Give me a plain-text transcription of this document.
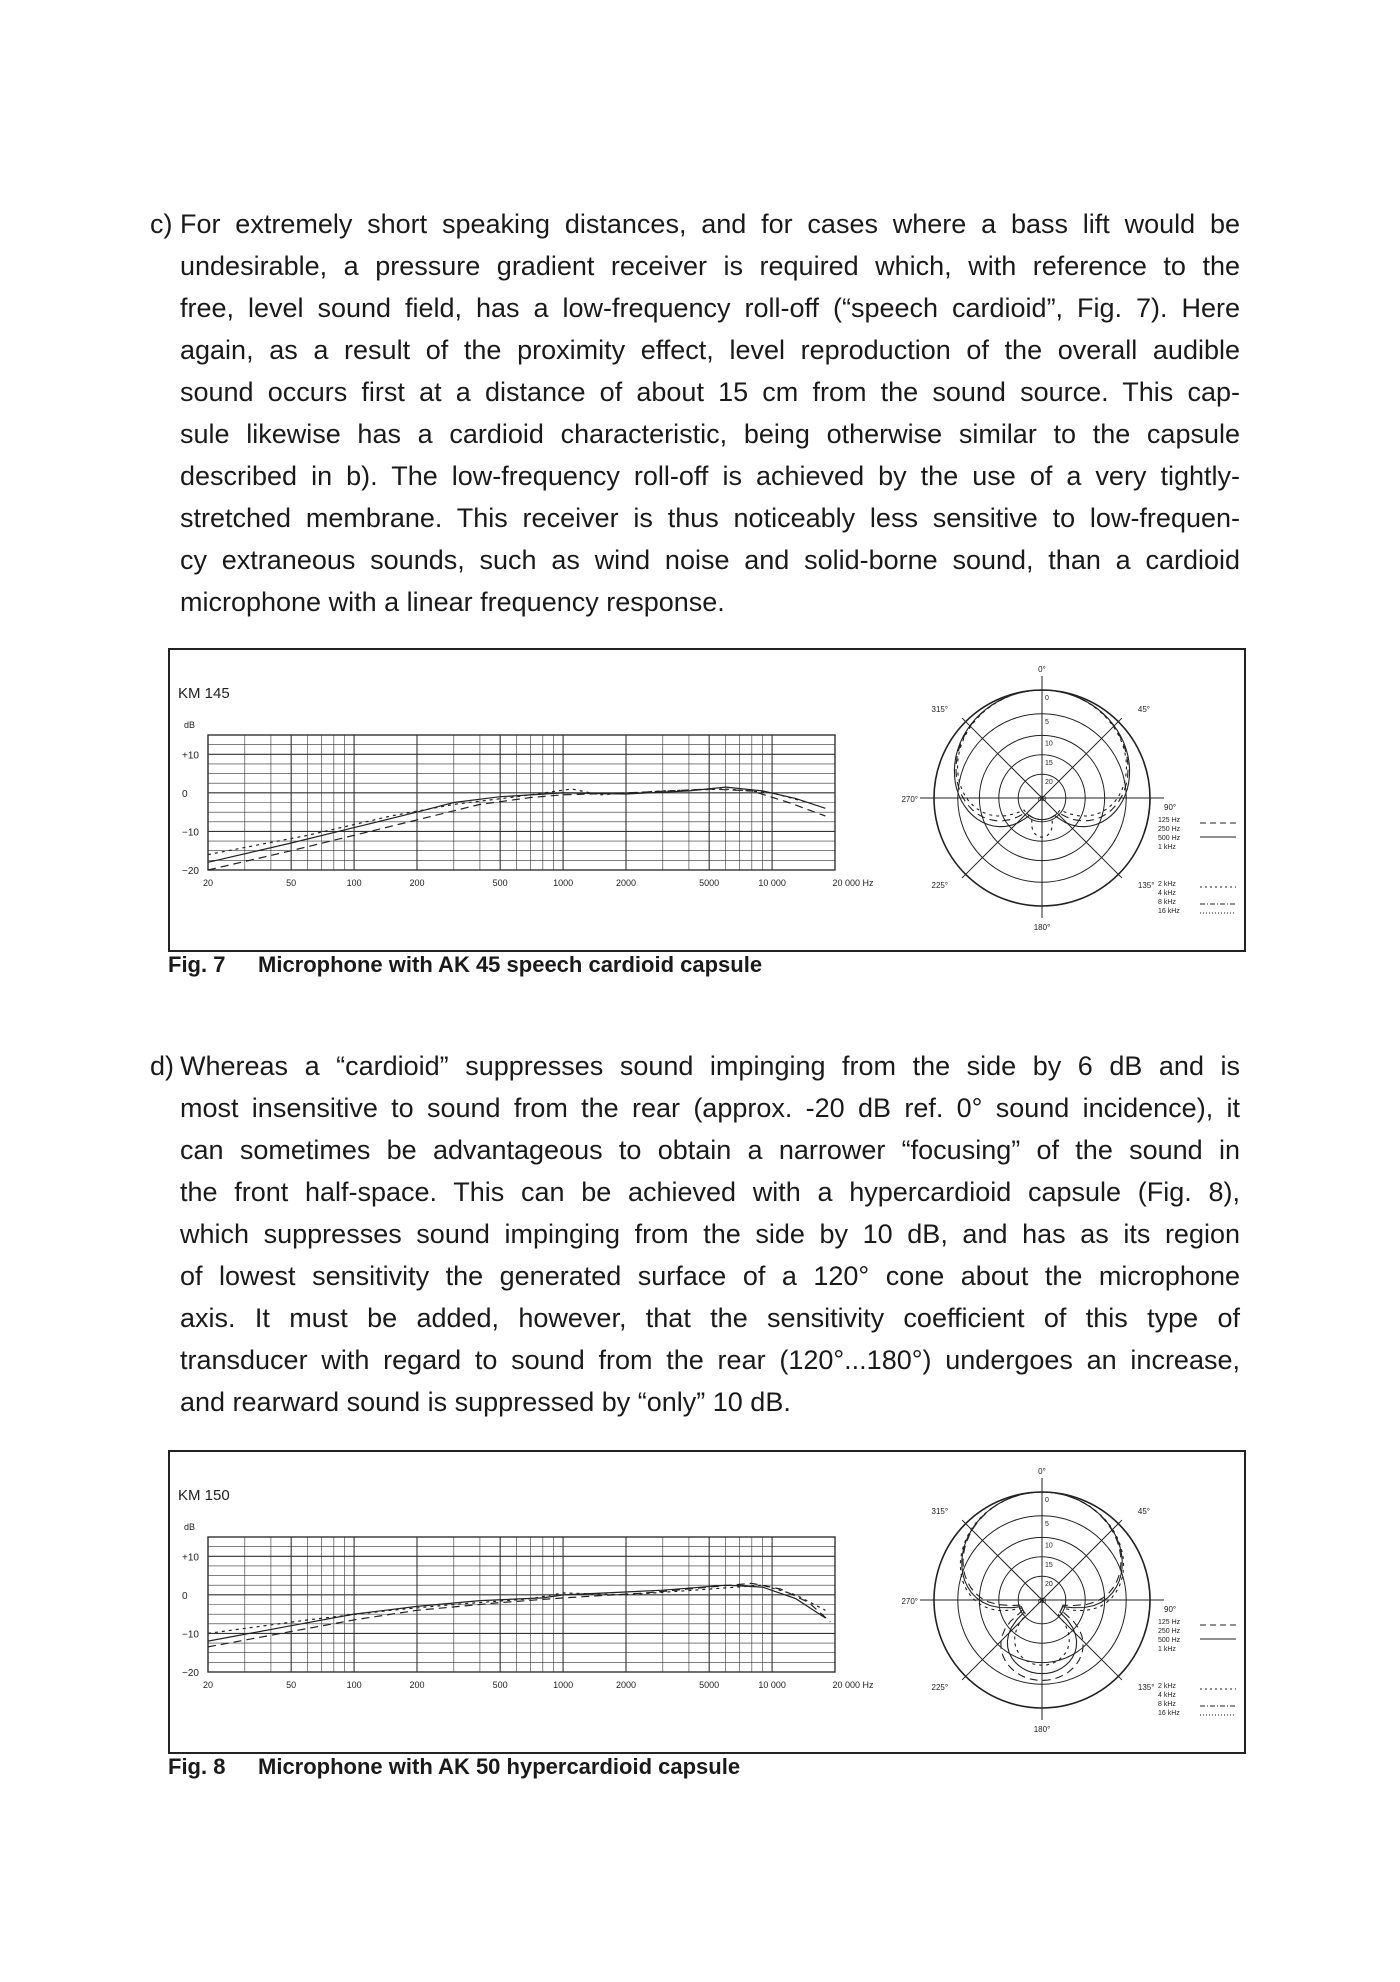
c) For extremely short speaking distances, and for cases where a bass lift would be
undesirable, a pressure gradient receiver is required which, with reference to the
free, level sound field, has a low-frequency roll-off (“speech cardioid”, Fig. 7). Here
again, as a result of the proximity effect, level reproduction of the overall audible
sound occurs first at a distance of about 15 cm from the sound source. This cap-
sule likewise has a cardioid characteristic, being otherwise similar to the capsule
described in b). The low-frequency roll-off is achieved by the use of a very tightly-
stretched membrane. This receiver is thus noticeably less sensitive to low-frequen-
cy extraneous sounds, such as wind noise and solid-borne sound, than a cardioid
microphone with a linear frequency response.
KM 145
dB
+10
0
−10
−20
20	50	100	200	500	1000	2000	5000	10 000	20 000 Hz
0°
45°
90°
135°
180°
225°
270°
315°
0
5
10
15
20
dB
125 Hz
250 Hz
500 Hz
1 kHz
2 kHz
4 kHz
8 kHz
16 kHz
Fig. 7 Microphone with AK 45 speech cardioid capsule
d) Whereas a “cardioid” suppresses sound impinging from the side by 6 dB and is
most insensitive to sound from the rear (approx. -20 dB ref. 0° sound incidence), it
can sometimes be advantageous to obtain a narrower “focusing” of the sound in
the front half-space. This can be achieved with a hypercardioid capsule (Fig. 8),
which suppresses sound impinging from the side by 10 dB, and has as its region
of lowest sensitivity the generated surface of a 120° cone about the microphone
axis. It must be added, however, that the sensitivity coefficient of this type of
transducer with regard to sound from the rear (120°...180°) undergoes an increase,
and rearward sound is suppressed by “only” 10 dB.
KM 150
dB
+10
0
−10
−20
20	50	100	200	500	1000	2000	5000	10 000	20 000 Hz
0°
45°
90°
135°
180°
225°
270°
315°
0
5
10
15
20
dB
125 Hz
250 Hz
500 Hz
1 kHz
2 kHz
4 kHz
8 kHz
16 kHz
Fig. 8 Microphone with AK 50 hypercardioid capsule
